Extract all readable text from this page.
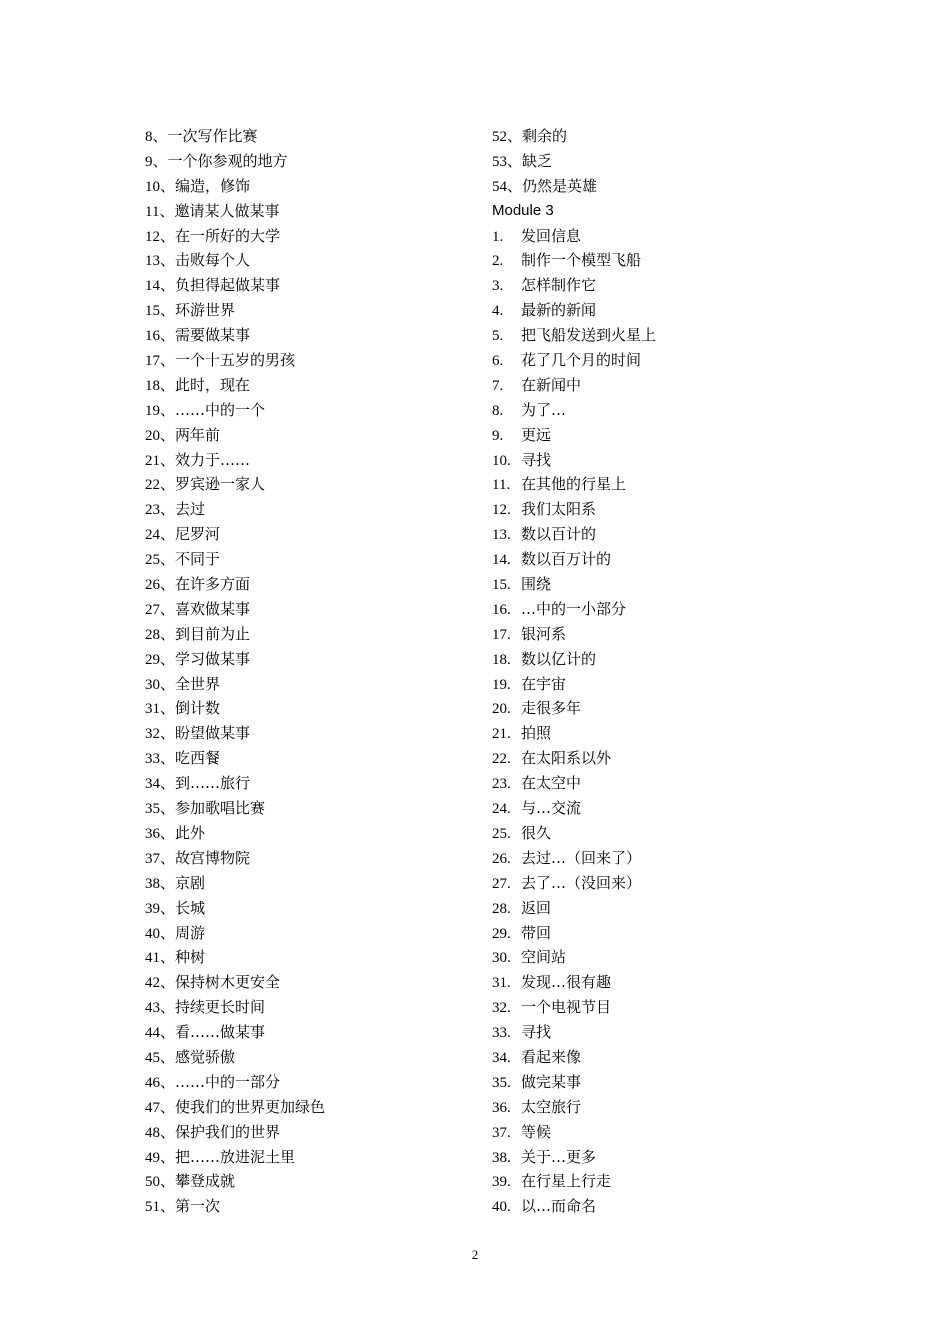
8、一次写作比赛
9、一个你参观的地方
10、编造，修饰
11、邀请某人做某事
12、在一所好的大学
13、击败每个人
14、负担得起做某事
15、环游世界
16、需要做某事
17、一个十五岁的男孩
18、此时，现在
19、……中的一个
20、两年前
21、效力于……
22、罗宾逊一家人
23、去过
24、尼罗河
25、不同于
26、在许多方面
27、喜欢做某事
28、到目前为止
29、学习做某事
30、全世界
31、倒计数
32、盼望做某事
33、吃西餐
34、到……旅行
35、参加歌唱比赛
36、此外
37、故宫博物院
38、京剧
39、长城
40、周游
41、种树
42、保持树木更安全
43、持续更长时间
44、看……做某事
45、感觉骄傲
46、……中的一部分
47、使我们的世界更加绿色
48、保护我们的世界
49、把……放进泥土里
50、攀登成就
51、第一次
52、剩余的
53、缺乏
54、仍然是英雄
Module 3
1. 发回信息
2. 制作一个模型飞船
3. 怎样制作它
4. 最新的新闻
5. 把飞船发送到火星上
6. 花了几个月的时间
7. 在新闻中
8. 为了…
9. 更远
10. 寻找
11. 在其他的行星上
12. 我们太阳系
13. 数以百计的
14. 数以百万计的
15. 围绕
16. …中的一小部分
17. 银河系
18. 数以亿计的
19. 在宇宙
20. 走很多年
21. 拍照
22. 在太阳系以外
23. 在太空中
24. 与…交流
25. 很久
26. 去过…（回来了）
27. 去了…（没回来）
28. 返回
29. 带回
30. 空间站
31. 发现…很有趣
32. 一个电视节目
33. 寻找
34. 看起来像
35. 做完某事
36. 太空旅行
37. 等候
38. 关于…更多
39. 在行星上行走
40. 以…而命名
2
